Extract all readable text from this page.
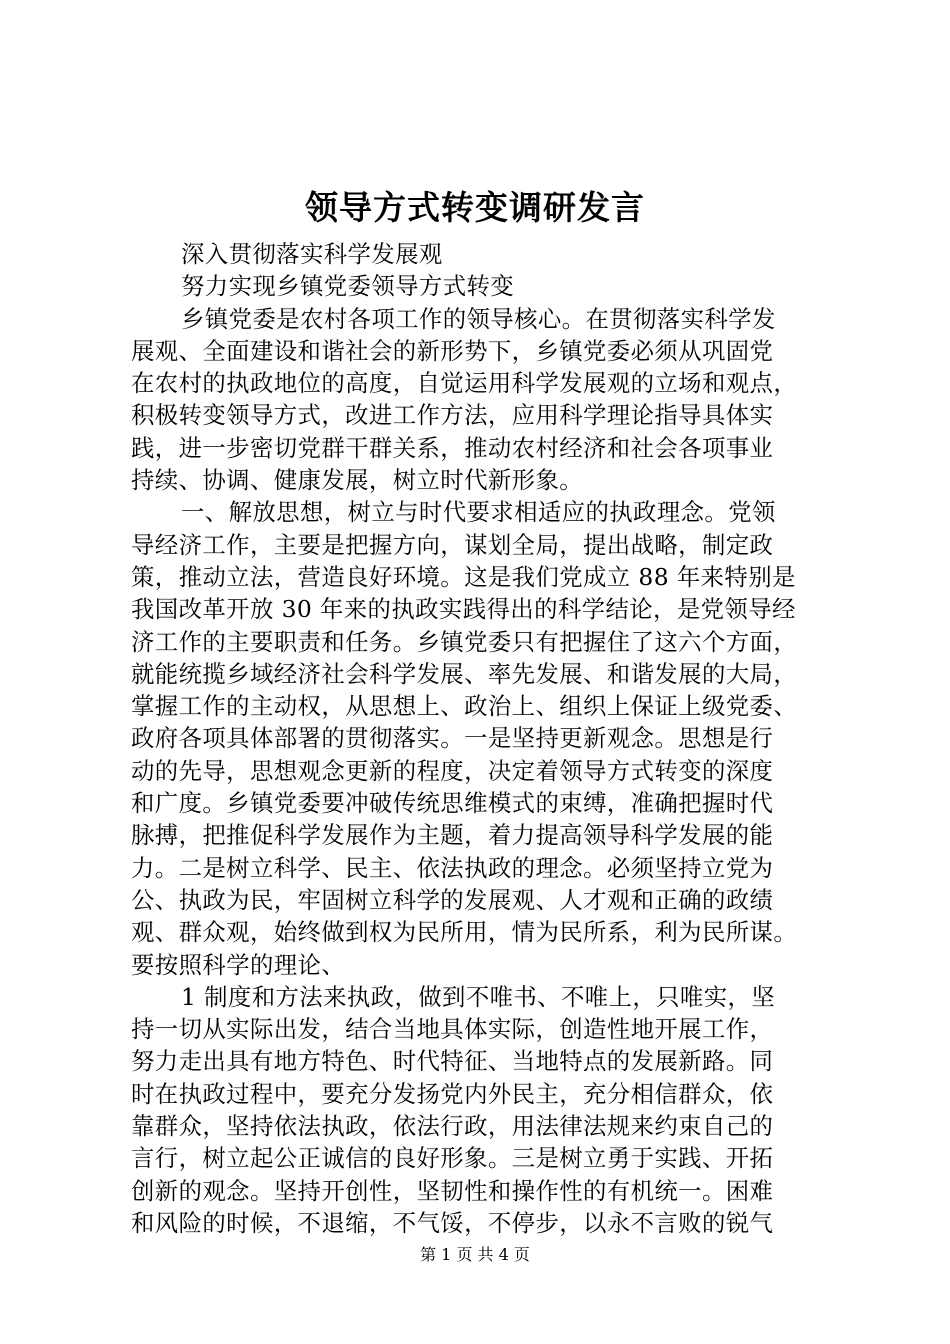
领导方式转变调研发言
深入贯彻落实科学发展观
努力实现乡镇党委领导方式转变
乡镇党委是农村各项工作的领导核心。在贯彻落实科学发
展观、全面建设和谐社会的新形势下，乡镇党委必须从巩固党
在农村的执政地位的高度，自觉运用科学发展观的立场和观点，
积极转变领导方式，改进工作方法，应用科学理论指导具体实
践，进一步密切党群干群关系，推动农村经济和社会各项事业
持续、协调、健康发展，树立时代新形象。
一、解放思想，树立与时代要求相适应的执政理念。党领
导经济工作，主要是把握方向，谋划全局，提出战略，制定政
策，推动立法，营造良好环境。这是我们党成立 88 年来特别是
我国改革开放 30 年来的执政实践得出的科学结论，是党领导经
济工作的主要职责和任务。乡镇党委只有把握住了这六个方面，
就能统揽乡域经济社会科学发展、率先发展、和谐发展的大局，
掌握工作的主动权，从思想上、政治上、组织上保证上级党委、
政府各项具体部署的贯彻落实。一是坚持更新观念。思想是行
动的先导，思想观念更新的程度，决定着领导方式转变的深度
和广度。乡镇党委要冲破传统思维模式的束缚，准确把握时代
脉搏，把推促科学发展作为主题，着力提高领导科学发展的能
力。二是树立科学、民主、依法执政的理念。必须坚持立党为
公、执政为民，牢固树立科学的发展观、人才观和正确的政绩
观、群众观，始终做到权为民所用，情为民所系，利为民所谋。
要按照科学的理论、
1 制度和方法来执政，做到不唯书、不唯上，只唯实，坚
持一切从实际出发，结合当地具体实际，创造性地开展工作，
努力走出具有地方特色、时代特征、当地特点的发展新路。同
时在执政过程中，要充分发扬党内外民主，充分相信群众，依
靠群众，坚持依法执政，依法行政，用法律法规来约束自己的
言行，树立起公正诚信的良好形象。三是树立勇于实践、开拓
创新的观念。坚持开创性，坚韧性和操作性的有机统一。困难
和风险的时候，不退缩，不气馁，不停步，以永不言败的锐气
第 1 页 共 4 页
